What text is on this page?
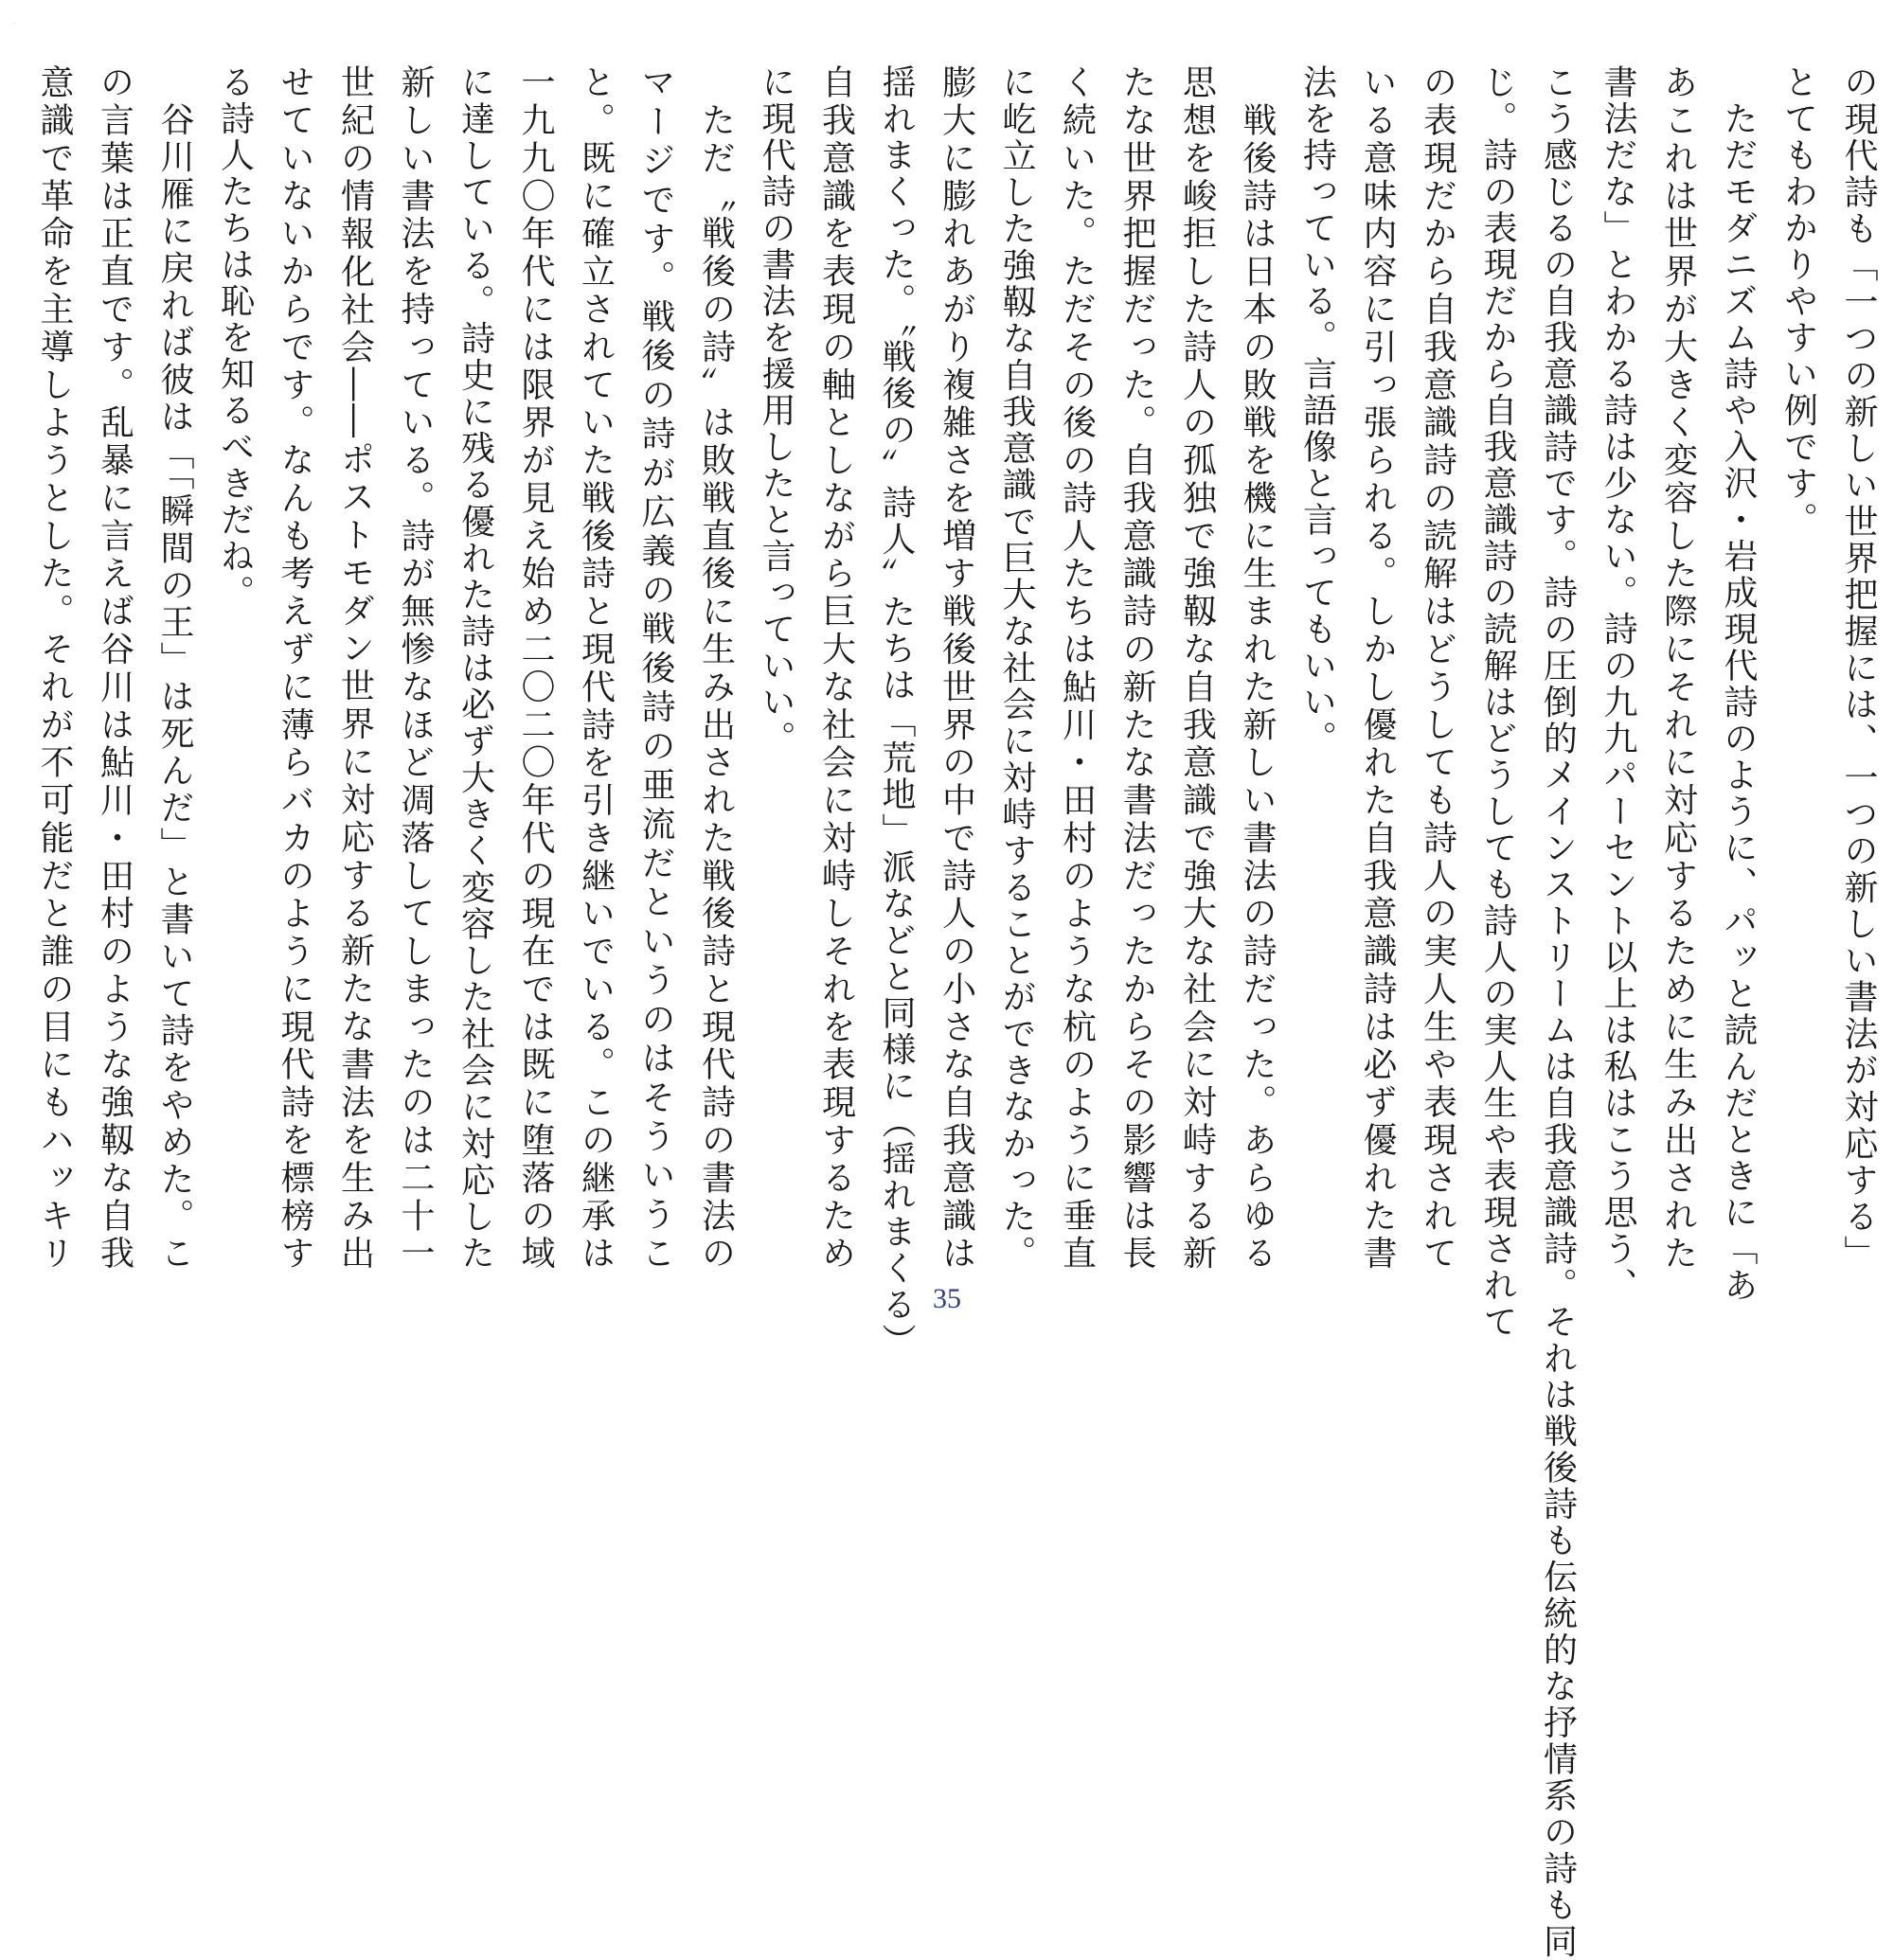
·
の現代詩も「一つの新しい世界把握には、一つの新しい書法が対応する」
とてもわかりやすい例です。
　ただモダニズム詩や入沢・岩成現代詩のように、パッと読んだときに「あ
あこれは世界が大きく変容した際にそれに対応するために生み出された
書法だな」とわかる詩は少ない。詩の九九パーセント以上は私はこう思う、
こう感じるの自我意識詩です。詩の圧倒的メインストリームは自我意識詩。それは戦後詩も伝統的な抒情系の詩も同
じ。詩の表現だから自我意識詩の読解はどうしても詩人の実人生や表現されて
の表現だから自我意識詩の読解はどうしても詩人の実人生や表現されて
いる意味内容に引っ張られる。しかし優れた自我意識詩は必ず優れた書
法を持っている。言語像と言ってもいい。
　戦後詩は日本の敗戦を機に生まれた新しい書法の詩だった。あらゆる
思想を峻拒した詩人の孤独で強靱な自我意識で強大な社会に対峙する新
たな世界把握だった。自我意識詩の新たな書法だったからその影響は長
く続いた。ただその後の詩人たちは鮎川・田村のような杭のように垂直
に屹立した強靱な自我意識で巨大な社会に対峙することができなかった。
膨大に膨れあがり複雑さを増す戦後世界の中で詩人の小さな自我意識は
揺れまくった。〝戦後の〟詩人〟たちは「荒地」派などと同様に（揺れまくる）
自我意識を表現の軸としながら巨大な社会に対峙しそれを表現するため
に現代詩の書法を援用したと言っていい。
　ただ〝戦後の詩〟は敗戦直後に生み出された戦後詩と現代詩の書法の
マージです。戦後の詩が広義の戦後詩の亜流だというのはそういうこ
と。既に確立されていた戦後詩と現代詩を引き継いでいる。この継承は
一九九〇年代には限界が見え始め二〇二〇年代の現在では既に堕落の域
に達している。詩史に残る優れた詩は必ず大きく変容した社会に対応した
新しい書法を持っている。詩が無惨なほど凋落してしまったのは二十一
世紀の情報化社会――ポストモダン世界に対応する新たな書法を生み出
せていないからです。なんも考えずに薄らバカのように現代詩を標榜す
る詩人たちは恥を知るべきだね。
　谷川雁に戻れば彼は「「瞬間の王」は死んだ」と書いて詩をやめた。こ
の言葉は正直です。乱暴に言えば谷川は鮎川・田村のような強靱な自我
意識で革命を主導しようとした。それが不可能だと誰の目にもハッキリ
35
